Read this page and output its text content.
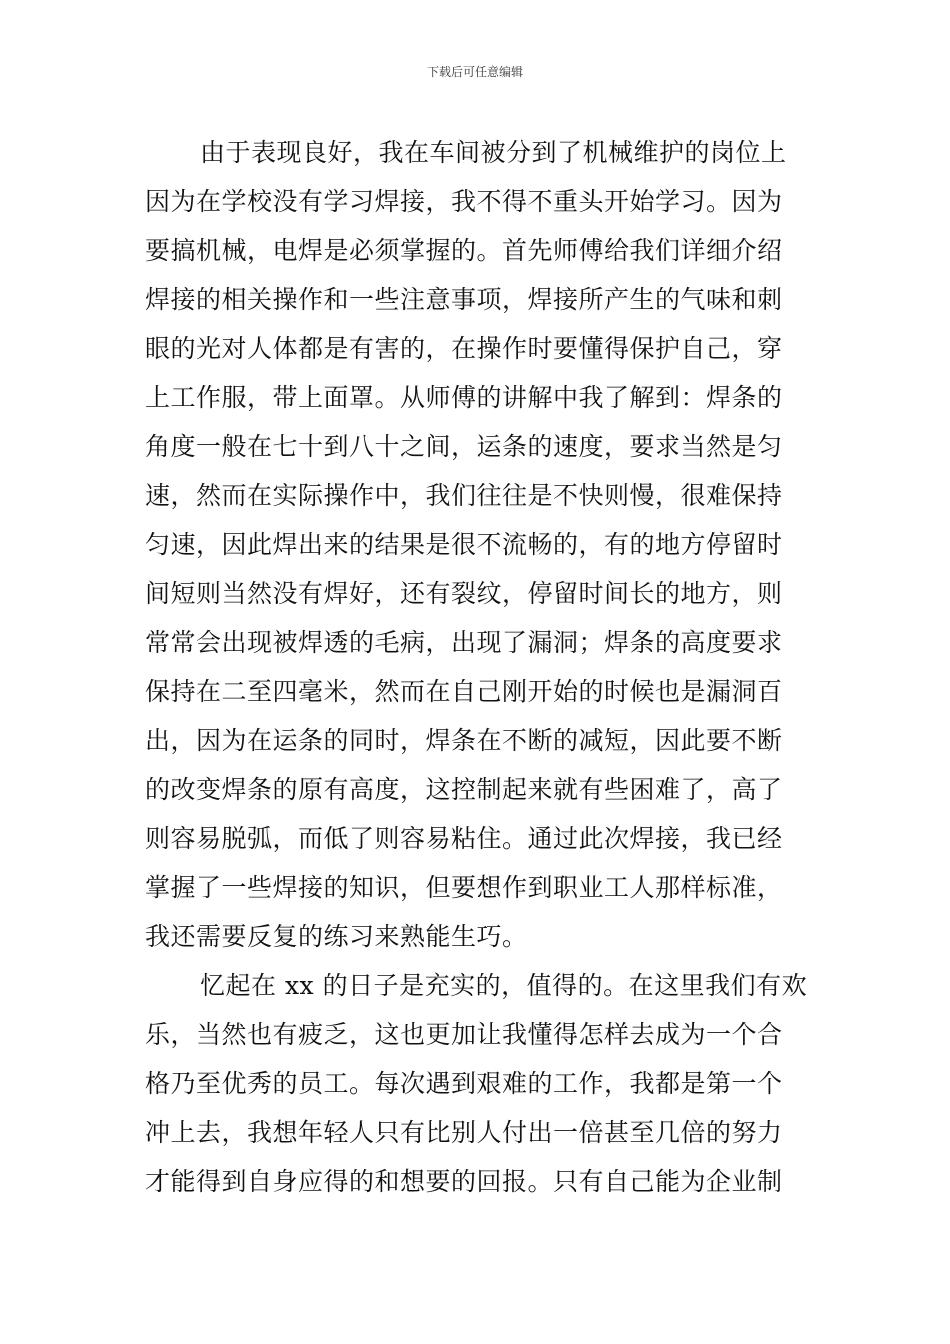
下载后可任意编辑
由于表现良好，我在车间被分到了机械维护的岗位上
因为在学校没有学习焊接，我不得不重头开始学习。因为
要搞机械，电焊是必须掌握的。首先师傅给我们详细介绍
焊接的相关操作和一些注意事项，焊接所产生的气味和刺
眼的光对人体都是有害的，在操作时要懂得保护自己，穿
上工作服，带上面罩。从师傅的讲解中我了解到：焊条的
角度一般在七十到八十之间，运条的速度，要求当然是匀
速，然而在实际操作中，我们往往是不快则慢，很难保持
匀速，因此焊出来的结果是很不流畅的，有的地方停留时
间短则当然没有焊好，还有裂纹，停留时间长的地方，则
常常会出现被焊透的毛病，出现了漏洞；焊条的高度要求
保持在二至四毫米，然而在自己刚开始的时候也是漏洞百
出，因为在运条的同时，焊条在不断的减短，因此要不断
的改变焊条的原有高度，这控制起来就有些困难了，高了
则容易脱弧，而低了则容易粘住。通过此次焊接，我已经
掌握了一些焊接的知识，但要想作到职业工人那样标准，
我还需要反复的练习来熟能生巧。
忆起在 xx 的日子是充实的，值得的。在这里我们有欢
乐，当然也有疲乏，这也更加让我懂得怎样去成为一个合
格乃至优秀的员工。每次遇到艰难的工作，我都是第一个
冲上去，我想年轻人只有比别人付出一倍甚至几倍的努力
才能得到自身应得的和想要的回报。只有自己能为企业制
